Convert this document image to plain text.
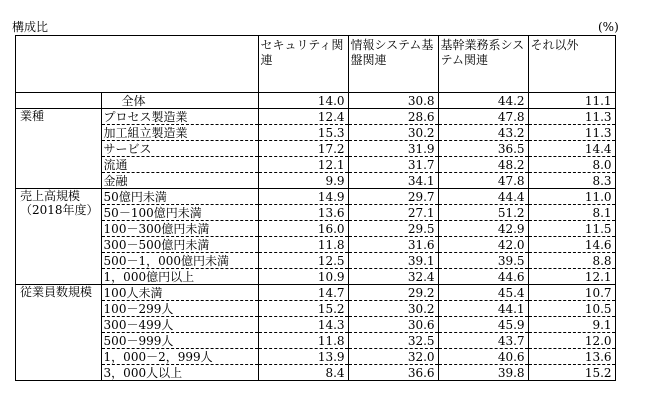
構成比	(%)
		セキュリティ関連	情報システム基盤関連	基幹業務系システム関連	それ以外
	全体	14.0	30.8	44.2	11.1
業種	プロセス製造業	12.4	28.6	47.8	11.3
	加工組立製造業	15.3	30.2	43.2	11.3
	サービス	17.2	31.9	36.5	14.4
	流通	12.1	31.7	48.2	8.0
	金融	9.9	34.1	47.8	8.3
売上高規模
（2018年度）	50億円未満	14.9	29.7	44.4	11.0
	50－100億円未満	13.6	27.1	51.2	8.1
	100－300億円未満	16.0	29.5	42.9	11.5
	300－500億円未満	11.8	31.6	42.0	14.6
	500－1，000億円未満	12.5	39.1	39.5	8.8
	1，000億円以上	10.9	32.4	44.6	12.1
従業員数規模	100人未満	14.7	29.2	45.4	10.7
	100－299人	15.2	30.2	44.1	10.5
	300－499人	14.3	30.6	45.9	9.1
	500－999人	11.8	32.5	43.7	12.0
	1，000－2，999人	13.9	32.0	40.6	13.6
	3，000人以上	8.4	36.6	39.8	15.2
